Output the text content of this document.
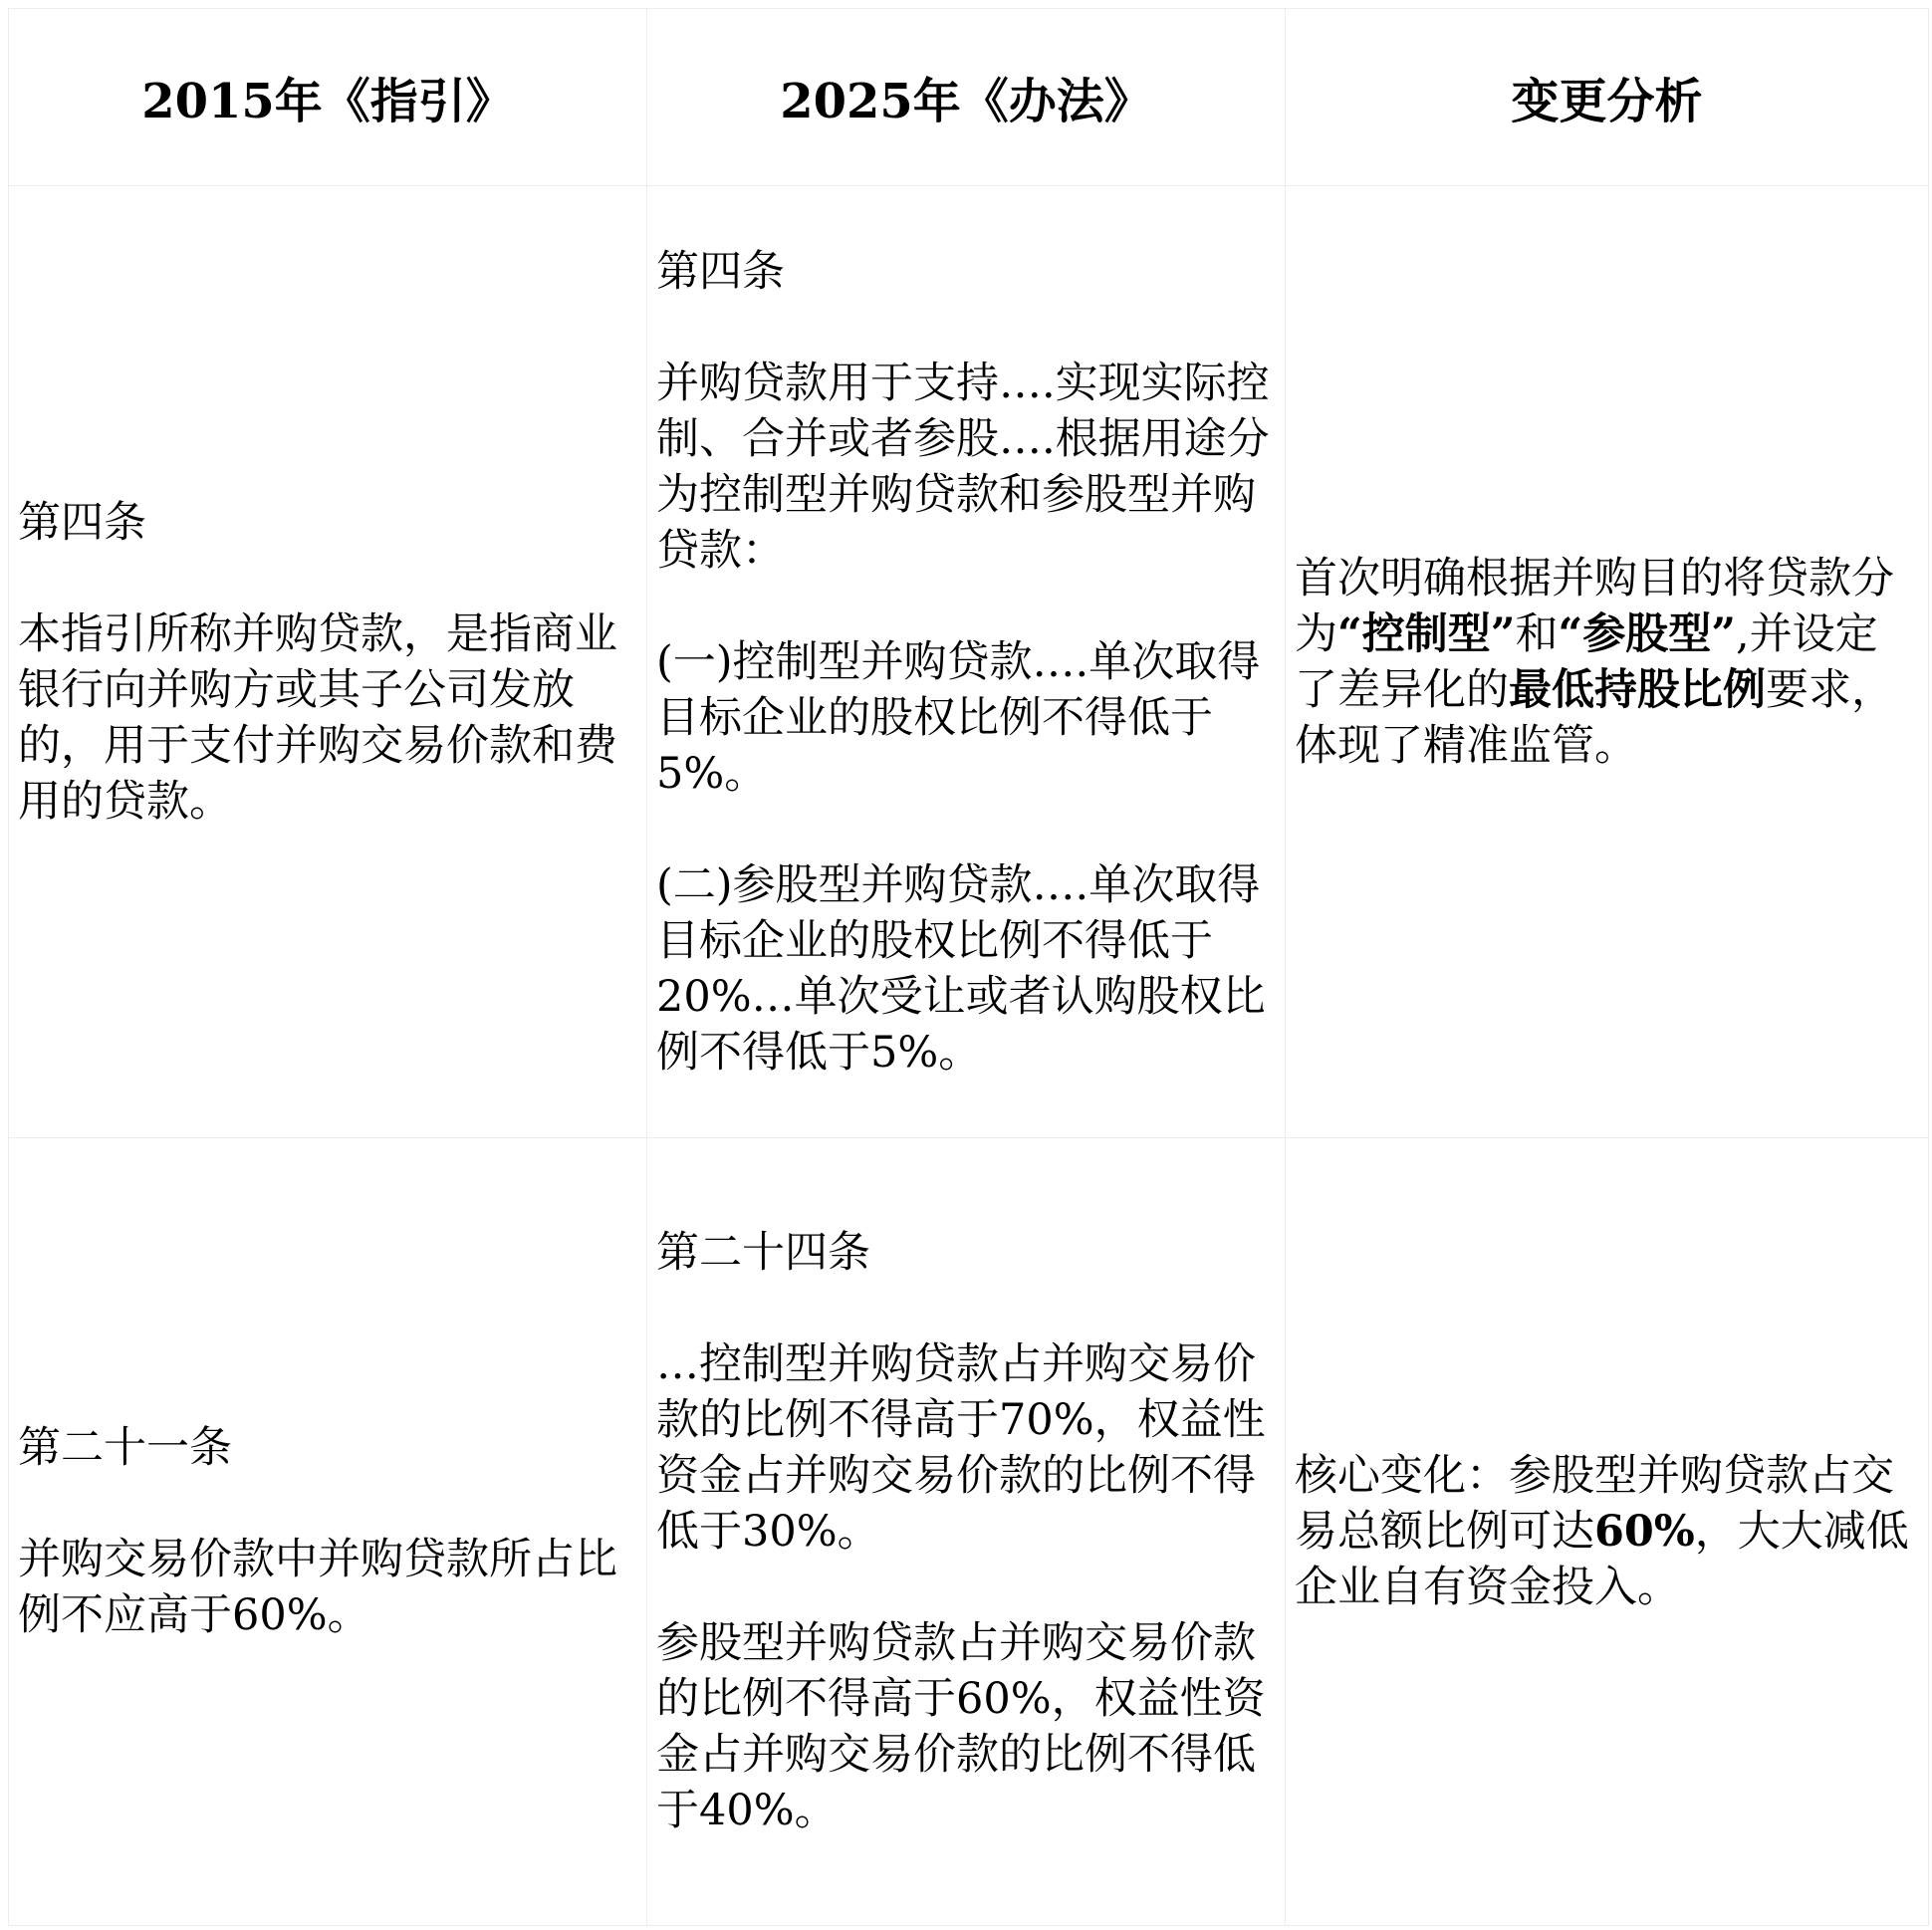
2015年《指引》	2025年《办法》	变更分析

第四条
本指引所称并购贷款，是指商业银行向并购方或其子公司发放的，用于支付并购交易价款和费用的贷款。	第四条
并购贷款用于支持….实现实际控制、合并或者参股….根据用途分为控制型并购贷款和参股型并购贷款：
(一)控制型并购贷款….单次取得目标企业的股权比例不得低于5%。
(二)参股型并购贷款….单次取得目标企业的股权比例不得低于20%…单次受让或者认购股权比例不得低于5%。	首次明确根据并购目的将贷款分为“控制型”和“参股型”,并设定了差异化的最低持股比例要求，体现了精准监管。

第二十一条
并购交易价款中并购贷款所占比例不应高于60%。	第二十四条
…控制型并购贷款占并购交易价款的比例不得高于70%，权益性资金占并购交易价款的比例不得低于30%。
参股型并购贷款占并购交易价款的比例不得高于60%，权益性资金占并购交易价款的比例不得低于40%。	核心变化：参股型并购贷款占交易总额比例可达60%，大大减低企业自有资金投入。
